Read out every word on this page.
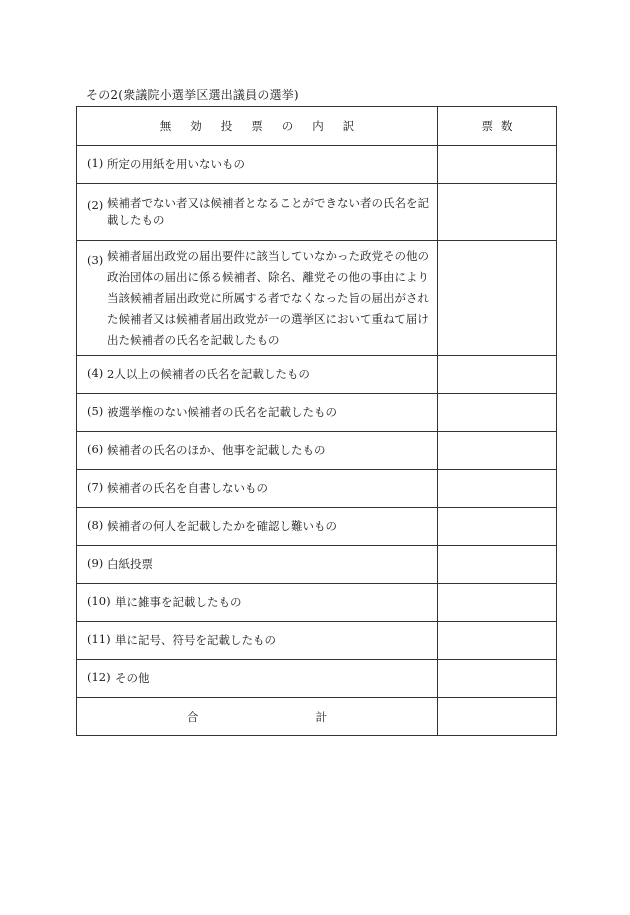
その2(衆議院小選挙区選出議員の選挙)
無効投票の内訳	票数

(1) 所定の用紙を用いないもの	

(2) 候補者でない者又は候補者となることができない者の氏名を記載したもの	

(3) 候補者届出政党の届出要件に該当していなかった政党その他の政治団体の届出に係る候補者、除名、離党その他の事由により当該候補者届出政党に所属する者でなくなった旨の届出がされた候補者又は候補者届出政党が一の選挙区において重ねて届け出た候補者の氏名を記載したもの	

(4) 2人以上の候補者の氏名を記載したもの	

(5) 被選挙権のない候補者の氏名を記載したもの	

(6) 候補者の氏名のほか、他事を記載したもの	

(7) 候補者の氏名を自書しないもの	

(8) 候補者の何人を記載したかを確認し難いもの	

(9) 白紙投票	

(10) 単に雑事を記載したもの	

(11) 単に記号、符号を記載したもの	

(12) その他	

合 計	
